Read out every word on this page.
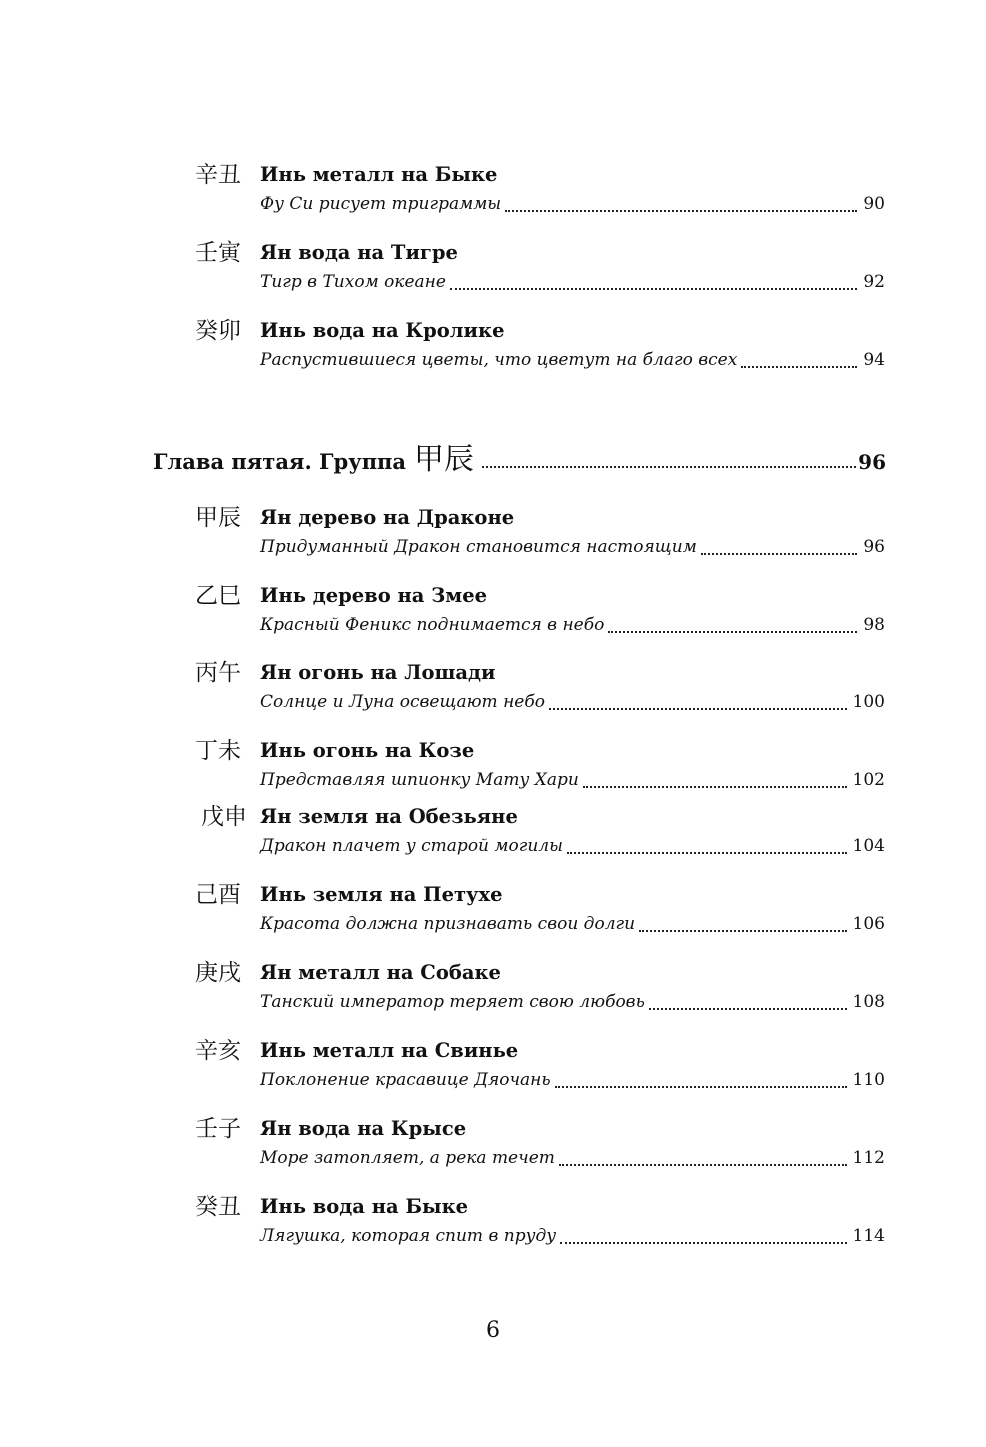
辛丑 Инь металл на Быке
Фу Си рисует триграммы	90
壬寅 Ян вода на Тигре
Тигр в Тихом океане	92
癸卯 Инь вода на Кролике
Распустившиеся цветы, что цветут на благо всех	94
Глава пятая. Группа 甲辰	96
甲辰 Ян дерево на Драконе
Придуманный Дракон становится настоящим	96
乙巳 Инь дерево на Змее
Красный Феникс поднимается в небо	98
丙午 Ян огонь на Лошади
Солнце и Луна освещают небо	100
丁未 Инь огонь на Козе
Представляя шпионку Мату Хари	102
戊申 Ян земля на Обезьяне
Дракон плачет у старой могилы	104
己酉 Инь земля на Петухе
Красота должна признавать свои долги	106
庚戌 Ян металл на Собаке
Танский император теряет свою любовь	108
辛亥 Инь металл на Свинье
Поклонение красавице Дяочань	110
壬子 Ян вода на Крысе
Море затопляет, а река течет	112
癸丑 Инь вода на Быке
Лягушка, которая спит в пруду	114
6
